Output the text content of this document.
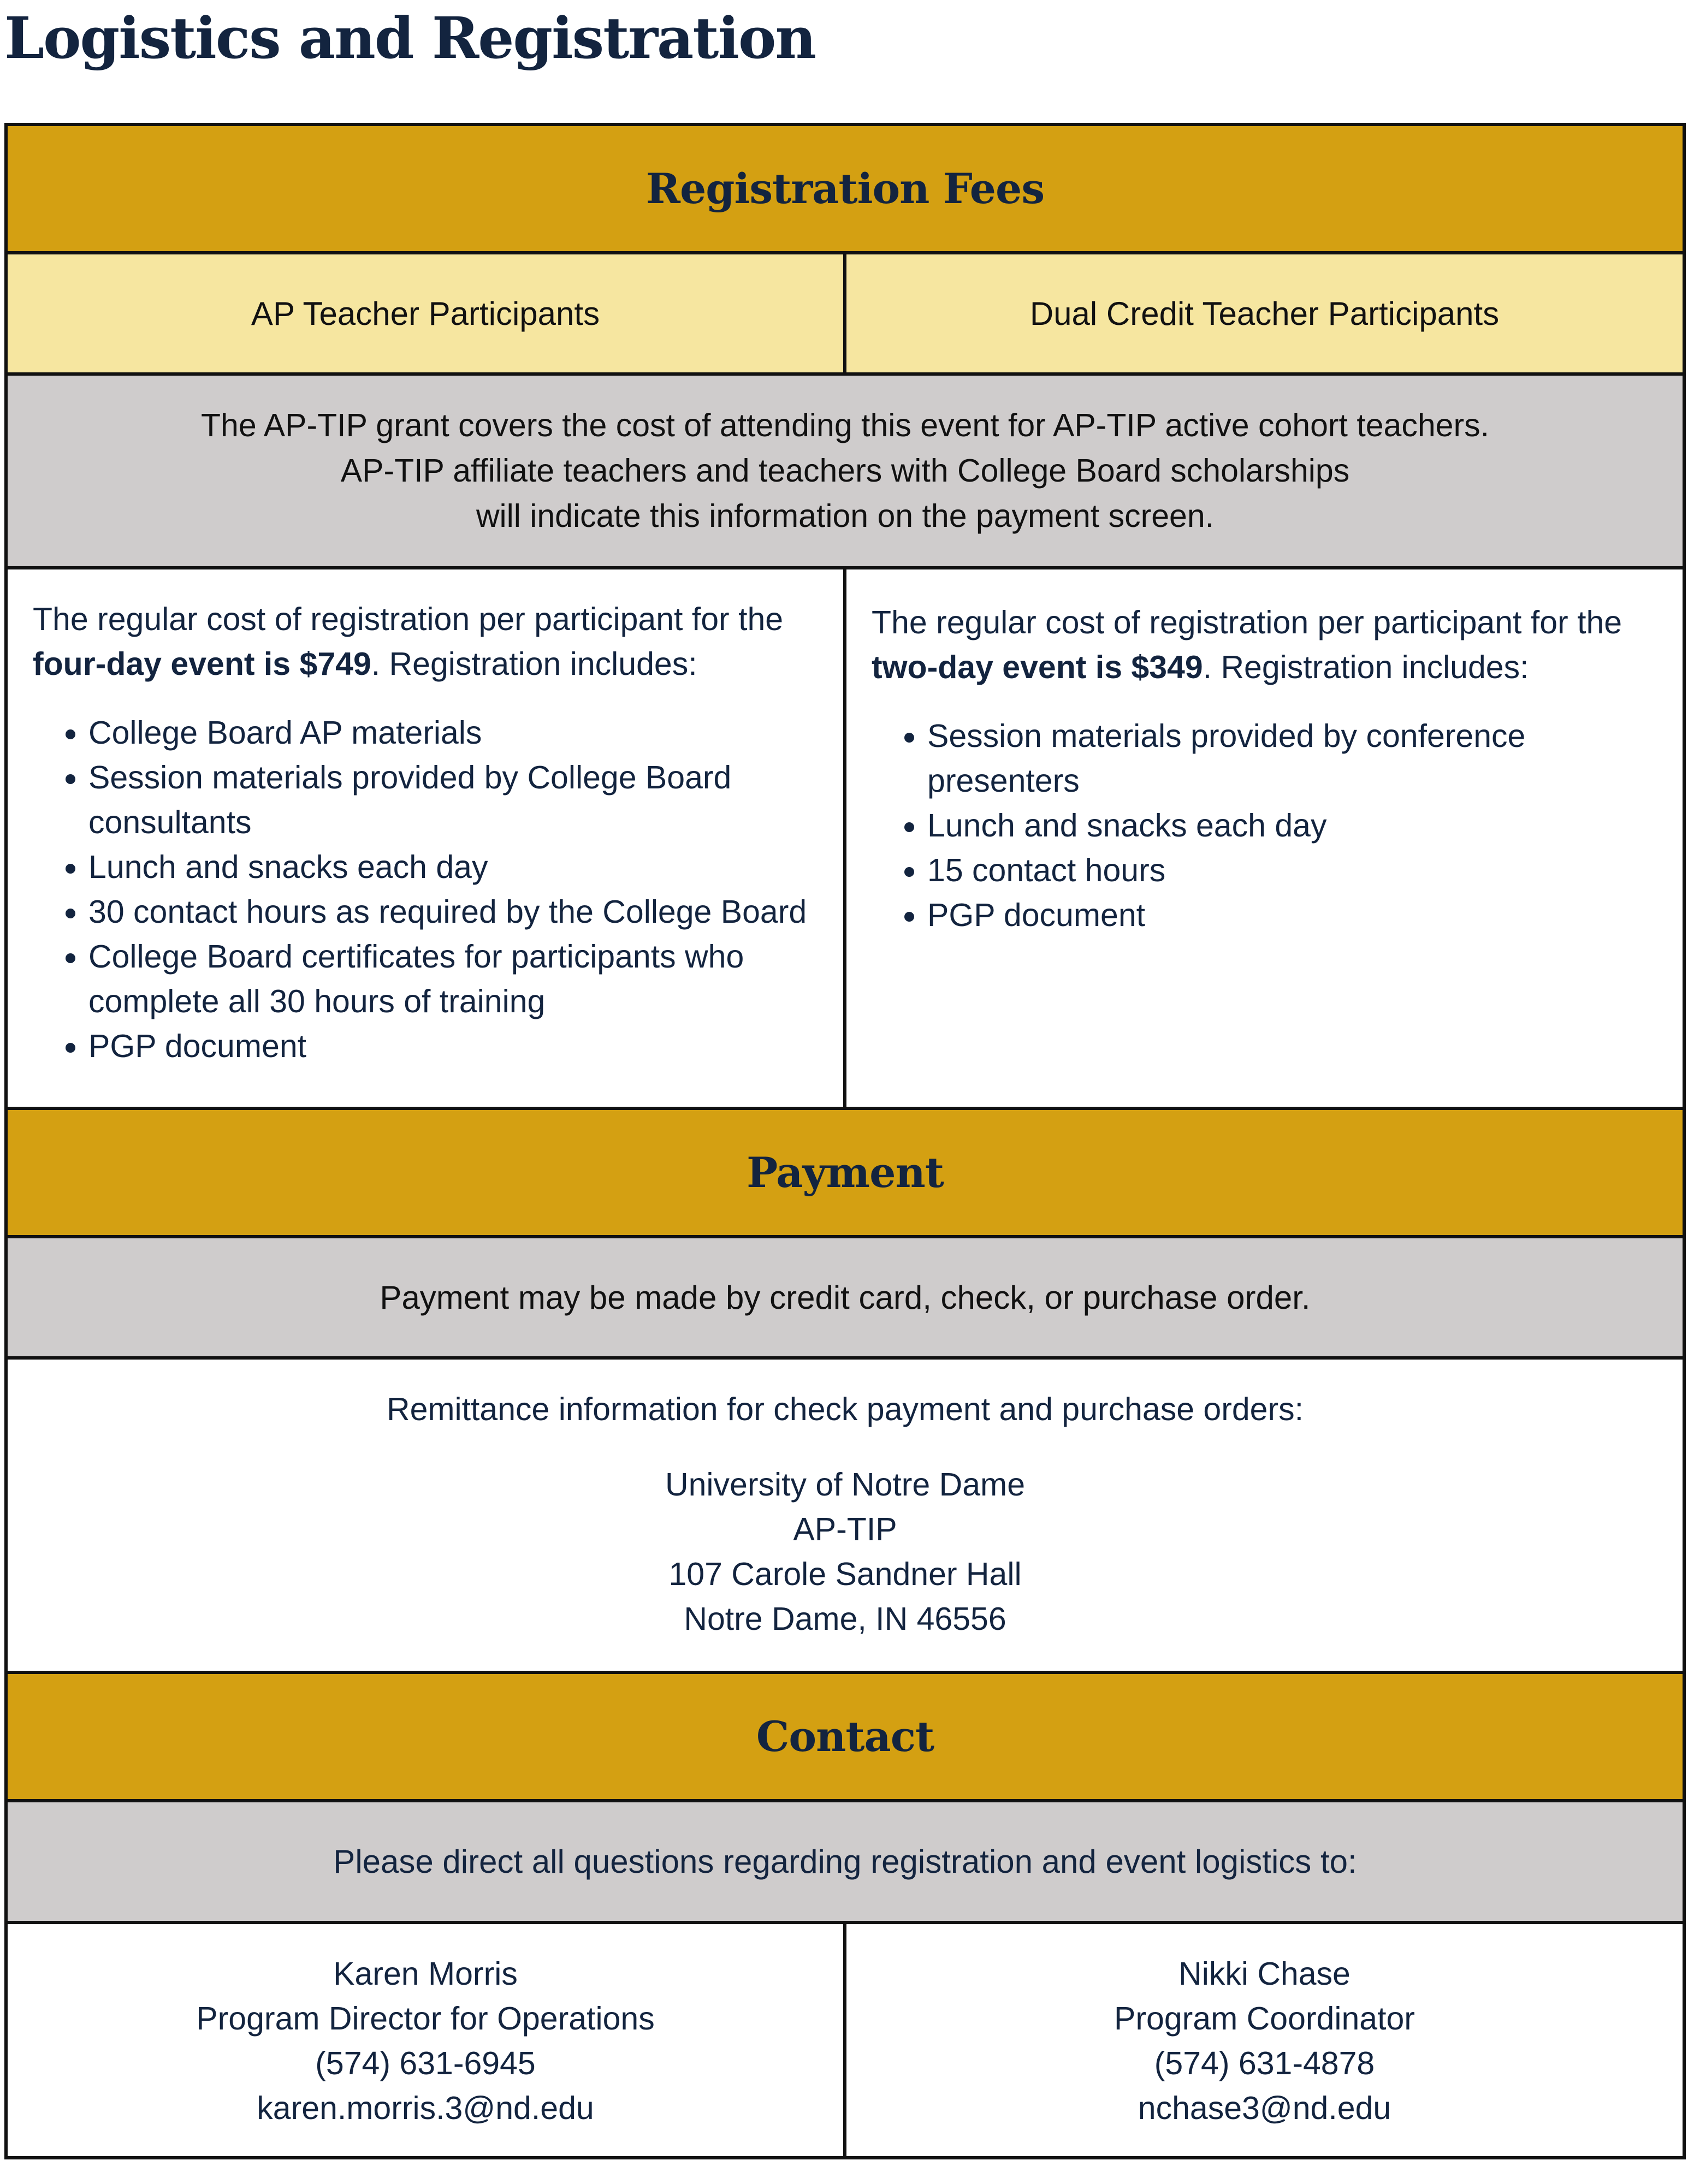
Logistics and Registration
Registration Fees
AP Teacher Participants	Dual Credit Teacher Participants
The AP-TIP grant covers the cost of attending this event for AP-TIP active cohort teachers.
AP-TIP affiliate teachers and teachers with College Board scholarships
will indicate this information on the payment screen.

The regular cost of registration per participant for the four-day event is $749. Registration includes:

• College Board AP materials
• Session materials provided by College Board consultants
• Lunch and snacks each day
• 30 contact hours as required by the College Board
• College Board certificates for participants who complete all 30 hours of training
• PGP document

The regular cost of registration per participant for the two-day event is $349. Registration includes:

• Session materials provided by conference presenters
• Lunch and snacks each day
• 15 contact hours
• PGP document
Payment
Payment may be made by credit card, check, or purchase order.
Remittance information for check payment and purchase orders:
University of Notre Dame
AP-TIP
107 Carole Sandner Hall
Notre Dame, IN 46556
Contact
Please direct all questions regarding registration and event logistics to:
Karen Morris
Program Director for Operations
(574) 631-6945
karen.morris.3@nd.edu
Nikki Chase
Program Coordinator
(574) 631-4878
nchase3@nd.edu
